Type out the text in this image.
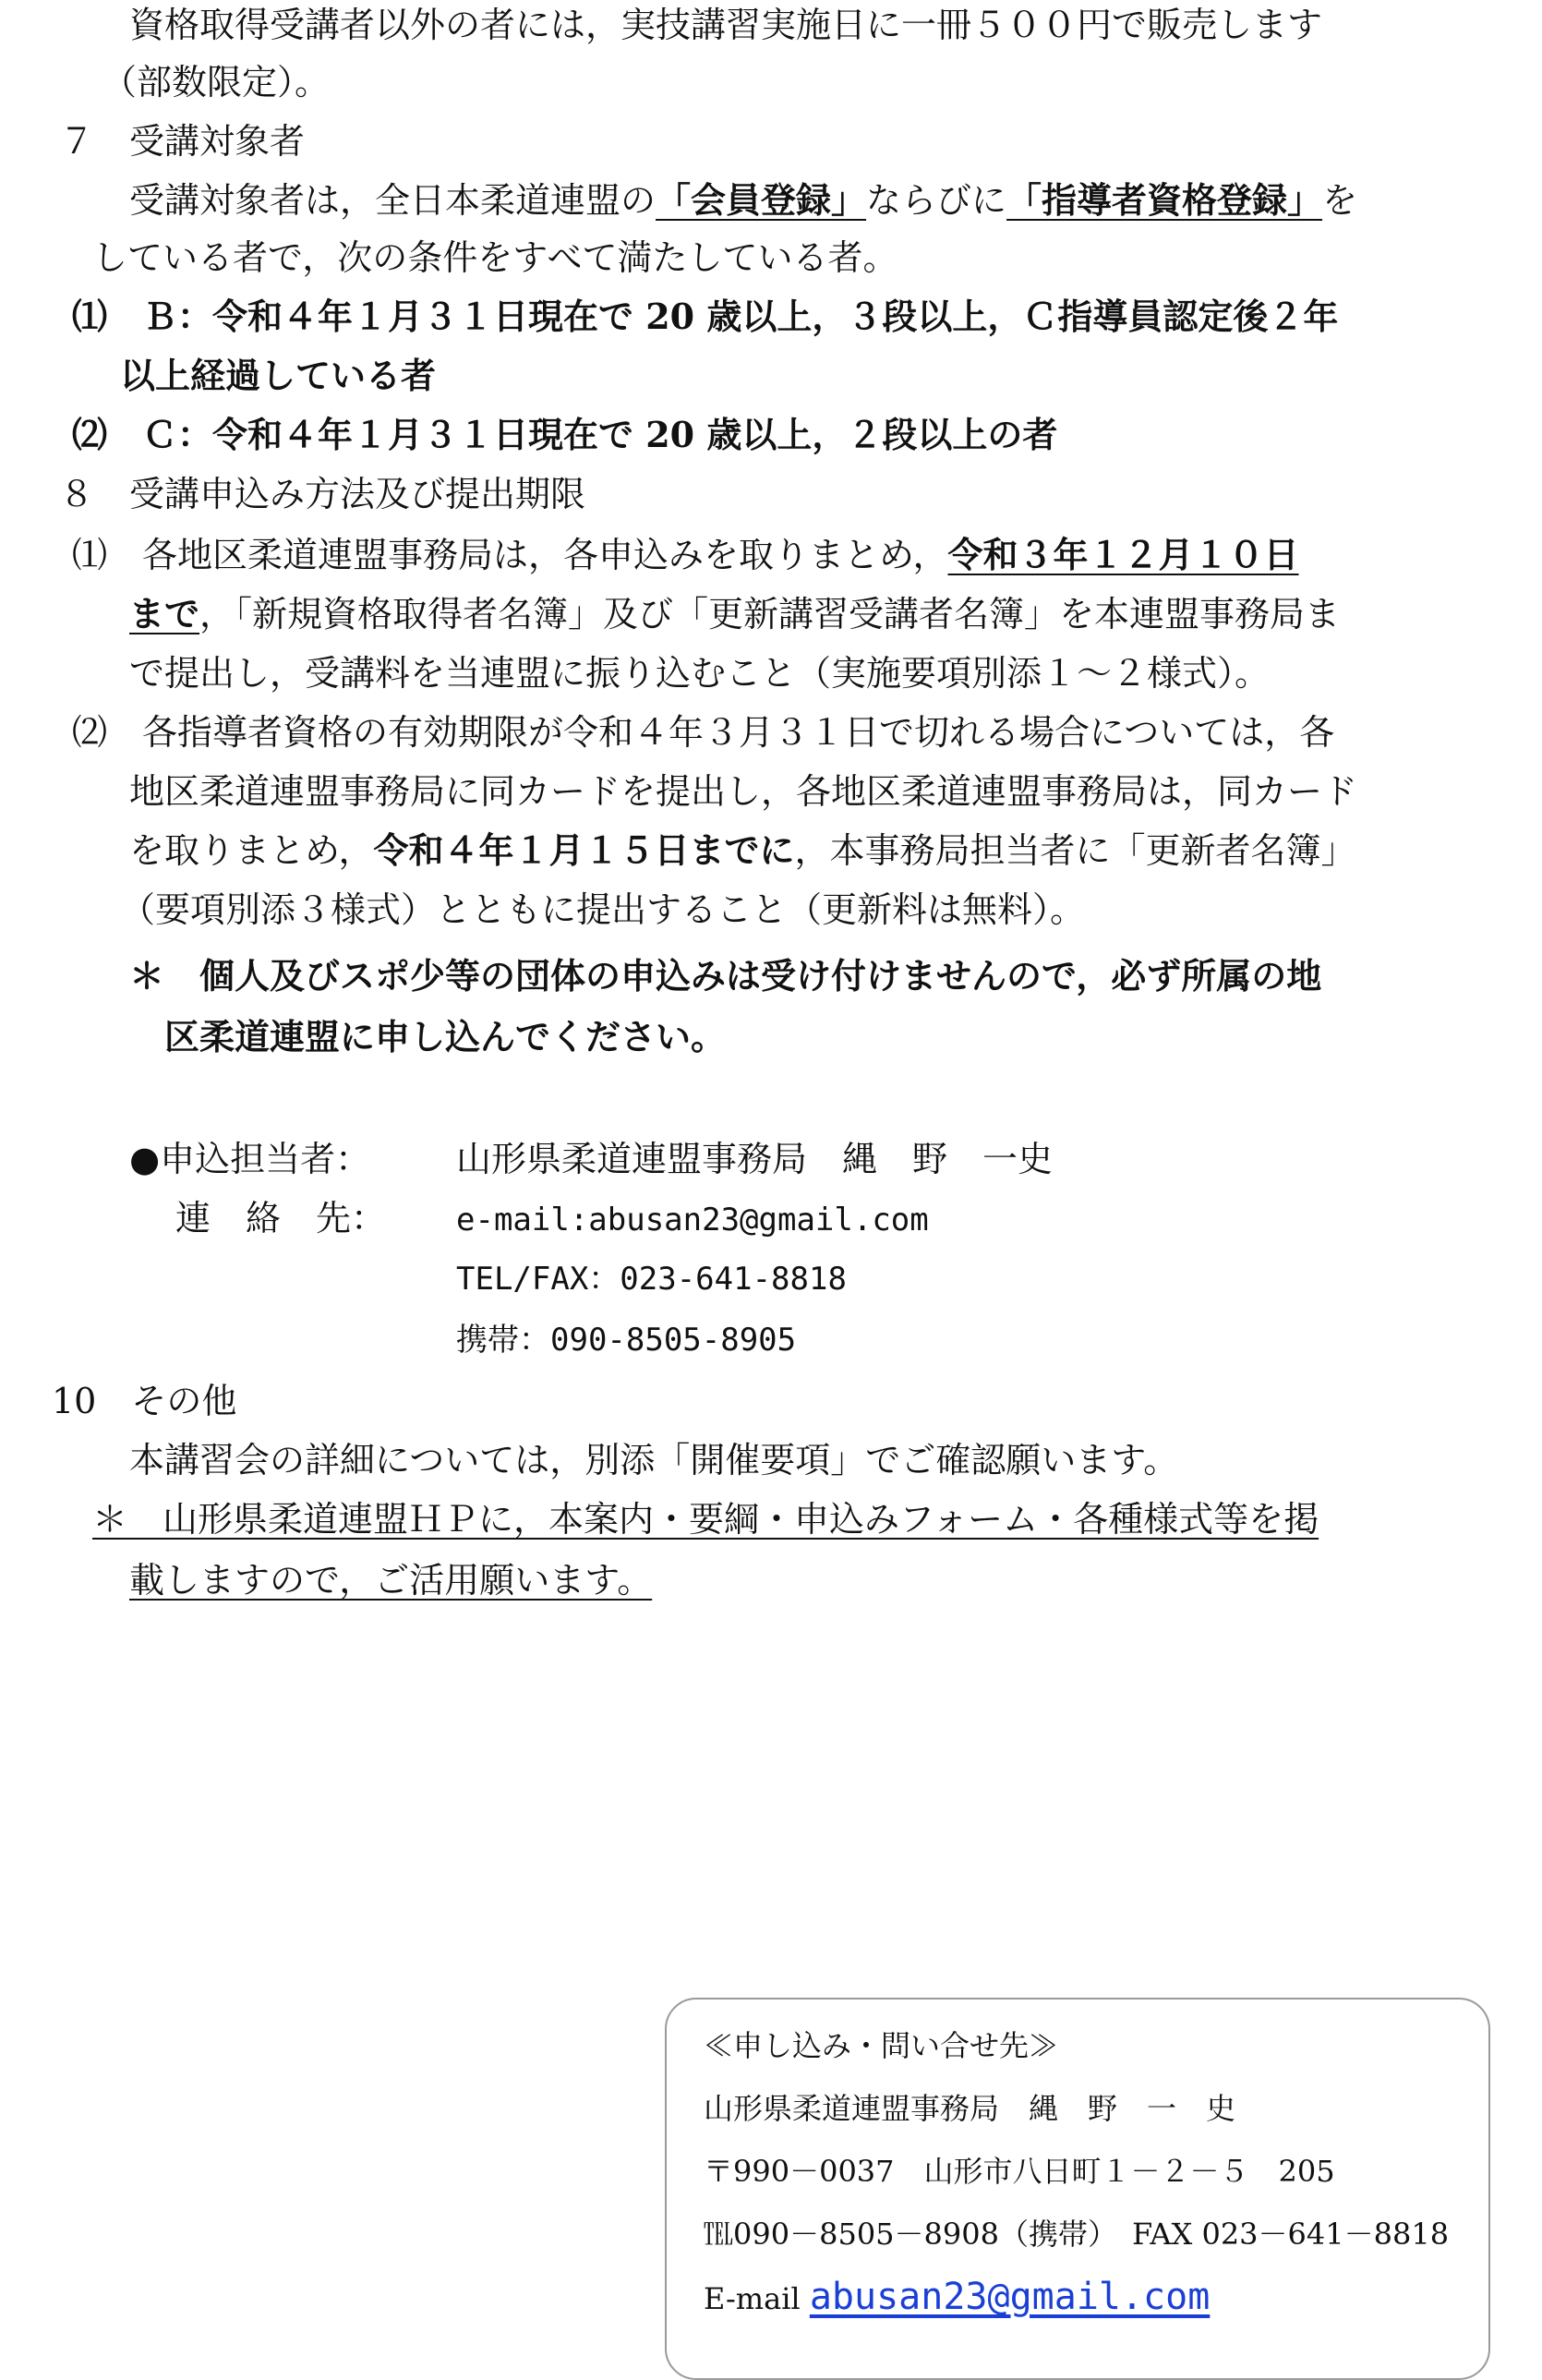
資格取得受講者以外の者には，実技講習実施日に一冊５００円で販売します
（部数限定）。
７　受講対象者
受講対象者は，全日本柔道連盟の「会員登録」ならびに「指導者資格登録」を
している者で，次の条件をすべて満たしている者。
⑴　Ｂ：令和４年１月３１日現在で 20 歳以上，３段以上，Ｃ指導員認定後２年
以上経過している者
⑵　Ｃ：令和４年１月３１日現在で 20 歳以上，２段以上の者
８　受講申込み方法及び提出期限
⑴　各地区柔道連盟事務局は，各申込みを取りまとめ，令和３年１２月１０日
まで，「新規資格取得者名簿」及び「更新講習受講者名簿」を本連盟事務局ま
で提出し，受講料を当連盟に振り込むこと（実施要項別添１～２様式）。
⑵　各指導者資格の有効期限が令和４年３月３１日で切れる場合については，各
地区柔道連盟事務局に同カードを提出し，各地区柔道連盟事務局は，同カード
を取りまとめ，令和４年１月１５日までに，本事務局担当者に「更新者名簿」
（要項別添３様式）とともに提出すること（更新料は無料）。
＊　個人及びスポ少等の団体の申込みは受け付けませんので，必ず所属の地
区柔道連盟に申し込んでください。
●申込担当者： 山形県柔道連盟事務局　縄　野　一史
連　絡　先： e-mail:abusan23@gmail.com
TEL/FAX：023-641-8818
携帯：090-8505-8905
10　その他
本講習会の詳細については，別添「開催要項」でご確認願います。
＊　山形県柔道連盟ＨＰに，本案内・要綱・申込みフォーム・各種様式等を掲
載しますので，ご活用願います。
≪申し込み・問い合せ先≫
山形県柔道連盟事務局　縄　野　一　史
〒990－0037　山形市八日町１－２－５　205
℡090－8505－8908（携帯）　FAX 023－641－8818
E-mail abusan23@gmail.com
